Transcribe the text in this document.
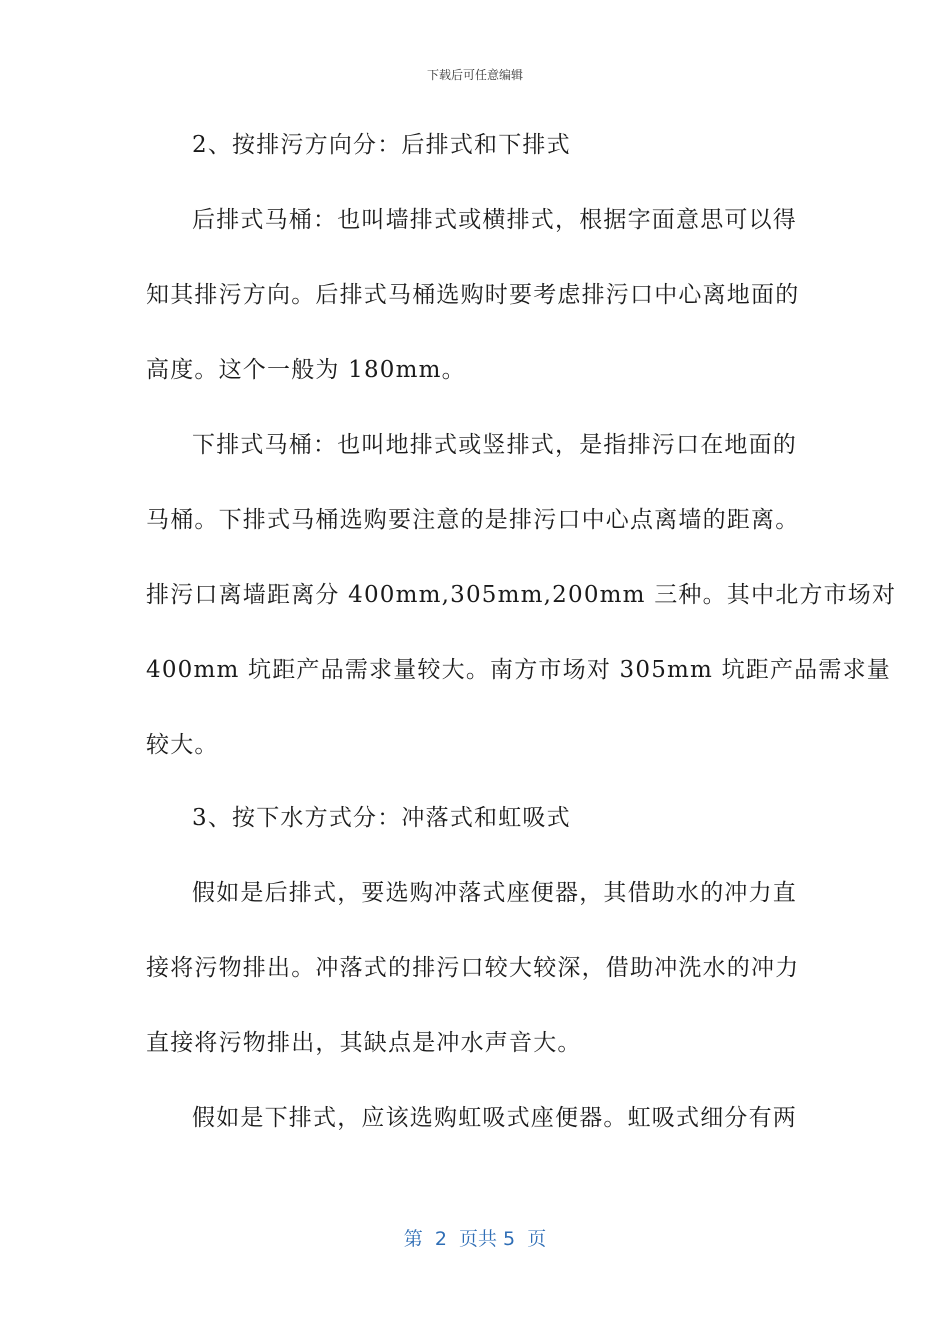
下载后可任意编辑
2、按排污方向分：后排式和下排式
后排式马桶：也叫墙排式或横排式，根据字面意思可以得
知其排污方向。后排式马桶选购时要考虑排污口中心离地面的
高度。这个一般为 180mm。
下排式马桶：也叫地排式或竖排式，是指排污口在地面的
马桶。下排式马桶选购要注意的是排污口中心点离墙的距离。
排污口离墙距离分 400mm,305mm,200mm 三种。其中北方市场对
400mm 坑距产品需求量较大。南方市场对 305mm 坑距产品需求量
较大。
3、按下水方式分：冲落式和虹吸式
假如是后排式，要选购冲落式座便器，其借助水的冲力直
接将污物排出。冲落式的排污口较大较深，借助冲洗水的冲力
直接将污物排出，其缺点是冲水声音大。
假如是下排式，应该选购虹吸式座便器。虹吸式细分有两
第  2  页共 5  页
